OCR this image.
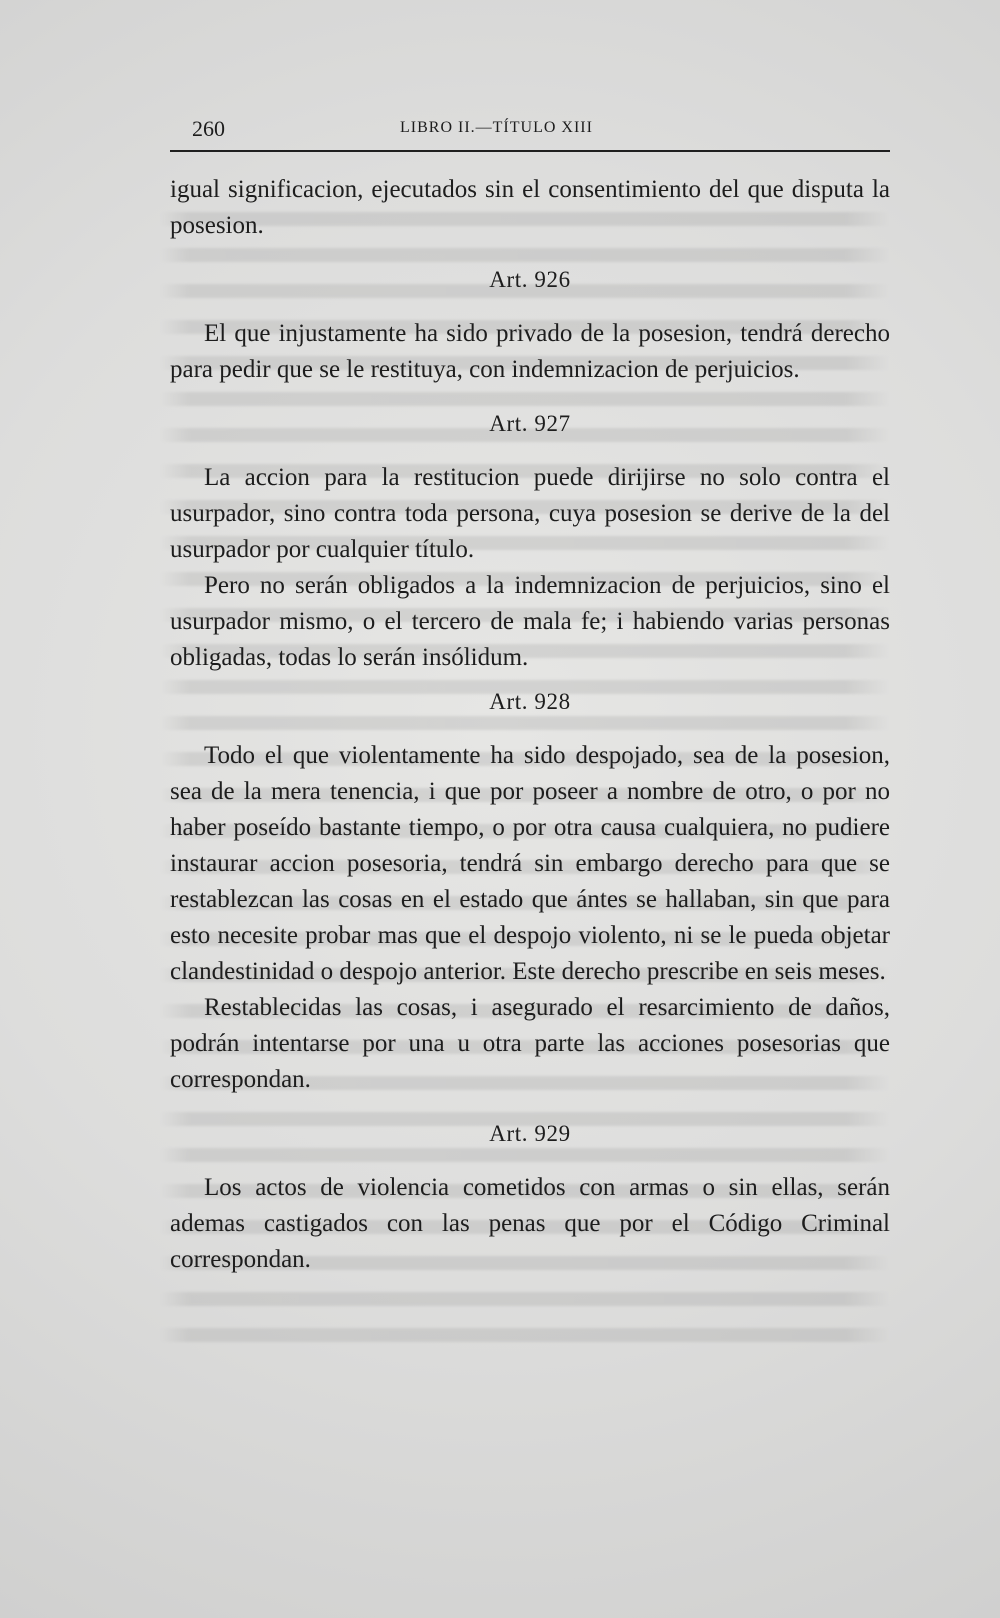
260	LIBRO II.—TÍTULO XIII

igual significacion, ejecutados sin el consentimiento del que disputa la posesion.

Art. 926

El que injustamente ha sido privado de la posesion, tendrá derecho para pedir que se le restituya, con indemnizacion de perjuicios.

Art. 927

La accion para la restitucion puede dirijirse no solo contra el usurpador, sino contra toda persona, cuya posesion se derive de la del usurpador por cualquier título.

Pero no serán obligados a la indemnizacion de perjuicios, sino el usurpador mismo, o el tercero de mala fe; i habiendo varias personas obligadas, todas lo serán insólidum.

Art. 928

Todo el que violentamente ha sido despojado, sea de la posesion, sea de la mera tenencia, i que por poseer a nombre de otro, o por no haber poseído bastante tiempo, o por otra causa cualquiera, no pudiere instaurar accion posesoria, tendrá sin embargo derecho para que se restablezcan las cosas en el estado que ántes se hallaban, sin que para esto necesite probar mas que el despojo violento, ni se le pueda objetar clandestinidad o despojo anterior. Este derecho prescribe en seis meses.

Restablecidas las cosas, i asegurado el resarcimiento de daños, podrán intentarse por una u otra parte las acciones posesorias que correspondan.

Art. 929

Los actos de violencia cometidos con armas o sin ellas, serán ademas castigados con las penas que por el Código Criminal correspondan.
